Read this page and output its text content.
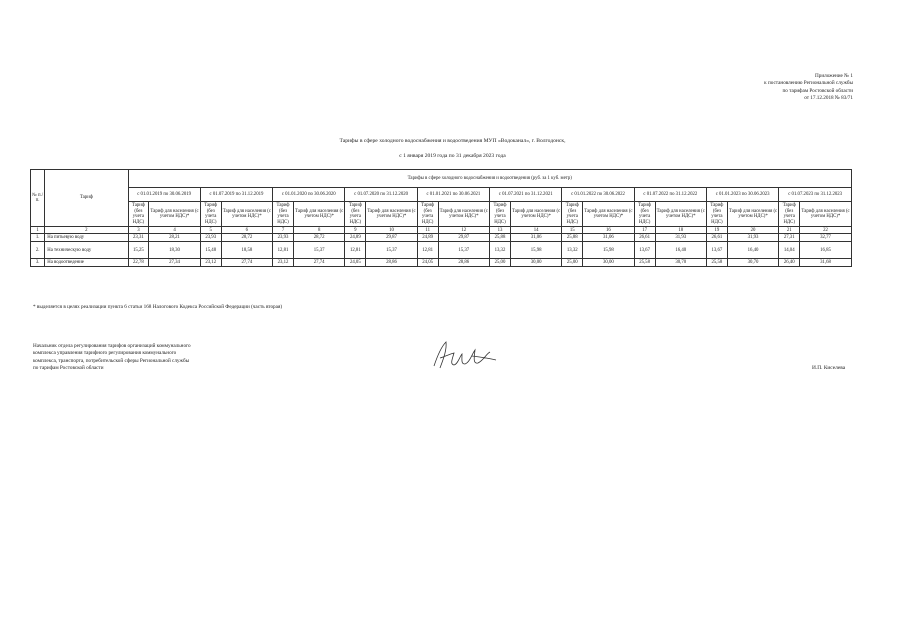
Приложение № 1
к постановлению Региональной службы
по тарифам Ростовской области
от 17.12.2018 № 83/71
Тарифы в сфере холодного водоснабжения и водоотведения МУП «Водоканал», г. Волгодонск,
с 1 января 2019 года по 31 декабря 2023 года
№ п./п.	Тариф	Тарифы в сфере холодного водоснабжения и водоотведения (руб. за 1 куб. метр)																			
		с 01.01.2019 по 30.06.2019		с 01.07.2019 по 31.12.2019		с 01.01.2020 по 30.06.2020		с 01.07.2020 по 31.12.2020		с 01.01.2021 по 30.06.2021		с 01.07.2021 по 31.12.2021		с 01.01.2022 по 30.06.2022		с 01.07.2022 по 31.12.2022		с 01.01.2023 по 30.06.2023		с 01.07.2023 по 31.12.2023	
		Тариф (без учета НДС)	Тариф для населения (с учетом НДС)*	Тариф (без учета НДС)	Тариф для населения (с учетом НДС)*	Тариф (без учета НДС)	Тариф для населения (с учетом НДС)*	Тариф (без учета НДС)	Тариф для населения (с учетом НДС)*	Тариф (без учета НДС)	Тариф для населения (с учетом НДС)*	Тариф (без учета НДС)	Тариф для населения (с учетом НДС)*	Тариф (без учета НДС)	Тариф для населения (с учетом НДС)*	Тариф (без учета НДС)	Тариф для населения (с учетом НДС)*	Тариф (без учета НДС)	Тариф для населения (с учетом НДС)*	Тариф (без учета НДС)	Тариф для населения (с учетом НДС)*
1	2	3	4	5	6	7	8	9	10	11	12	13	14	15	16	17	18	19	20	21	22
1.	На питьевую воду	23,31	28,21	23,93	28,72	23,93	28,72	24,89	29,87	24,89	29,87	25,88	31,06	25,88	31,06	26,61	31,93	26,61	31,93	27,31	32,77
2.	На техническую воду	15,25	18,30	15,48	18,58	12,81	15,37	12,81	15,37	12,81	15,37	13,32	15,98	13,32	15,98	13,67	16,40	13,67	16,40	14,04	16,85
3.	На водоотведение	22,78	27,34	23,12	27,74	23,12	27,74	24,05	28,86	24,05	28,86	25,00	30,00	25,00	30,00	25,58	30,70	25,58	30,70	26,40	31,68
* выделяется в целях реализации пункта 6 статьи 168 Налогового Кодекса Российской Федерации (часть вторая)
Начальник отдела регулирования тарифов организаций коммунального
комплекса управления тарифного регулирования коммунального
комплекса, транспорта, потребительской сферы Региональной службы
по тарифам Ростовской области	И.П. Киселева
